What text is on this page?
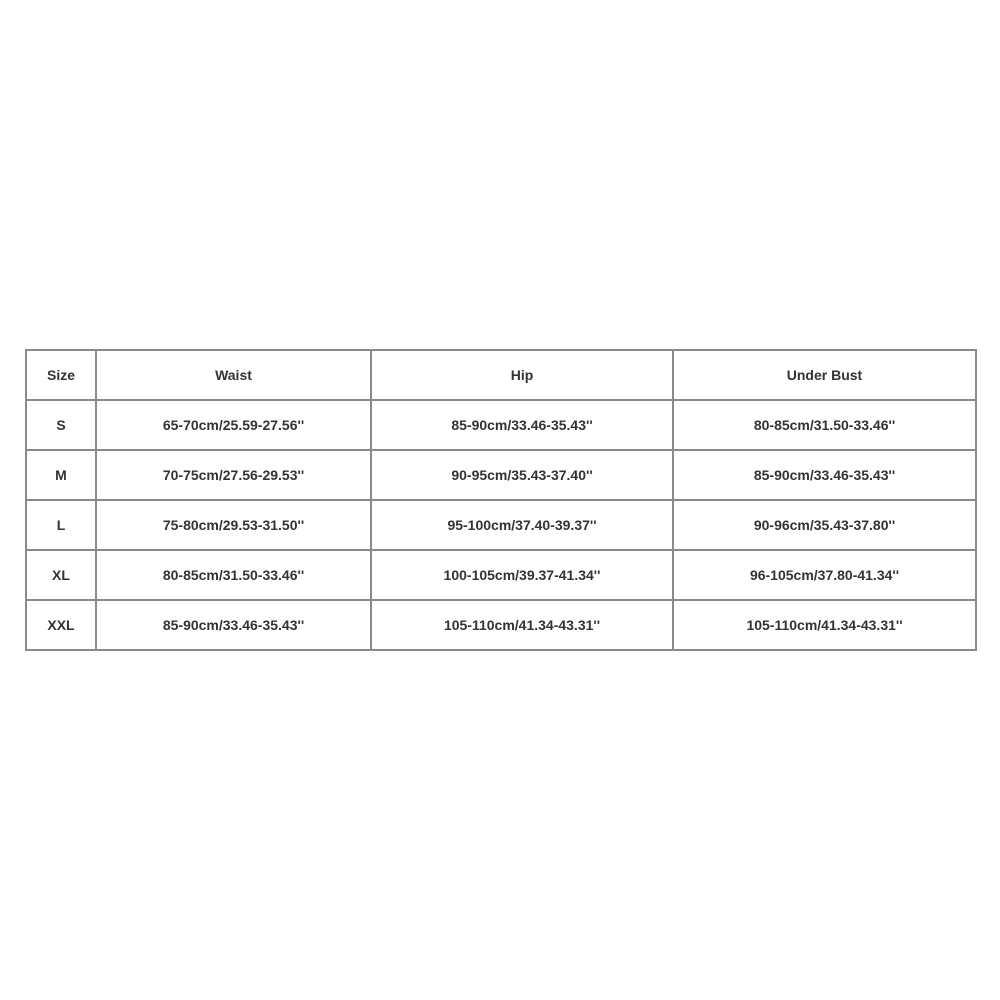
Size	Waist	Hip	Under Bust
S	65-70cm/25.59-27.56''	85-90cm/33.46-35.43''	80-85cm/31.50-33.46''
M	70-75cm/27.56-29.53''	90-95cm/35.43-37.40''	85-90cm/33.46-35.43''
L	75-80cm/29.53-31.50''	95-100cm/37.40-39.37''	90-96cm/35.43-37.80''
XL	80-85cm/31.50-33.46''	100-105cm/39.37-41.34''	96-105cm/37.80-41.34''
XXL	85-90cm/33.46-35.43''	105-110cm/41.34-43.31''	105-110cm/41.34-43.31''
